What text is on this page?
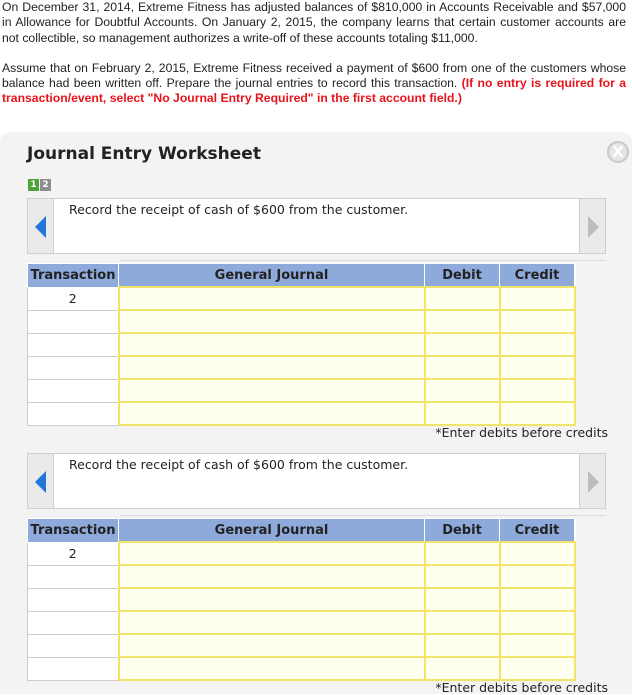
On December 31, 2014, Extreme Fitness has adjusted balances of $810,000 in Accounts Receivable and $57,000 in Allowance for Doubtful Accounts. On January 2, 2015, the company learns that certain customer accounts are not collectible, so management authorizes a write-off of these accounts totaling $11,000.

Assume that on February 2, 2015, Extreme Fitness received a payment of $600 from one of the customers whose balance had been written off. Prepare the journal entries to record this transaction. (If no entry is required for a transaction/event, select "No Journal Entry Required" in the first account field.)

Journal Entry Worksheet	X
1 2
Record the receipt of cash of $600 from the customer.
Transaction	General Journal	Debit	Credit
2			

*Enter debits before credits
Record the receipt of cash of $600 from the customer.
Transaction	General Journal	Debit	Credit
2			

*Enter debits before credits
